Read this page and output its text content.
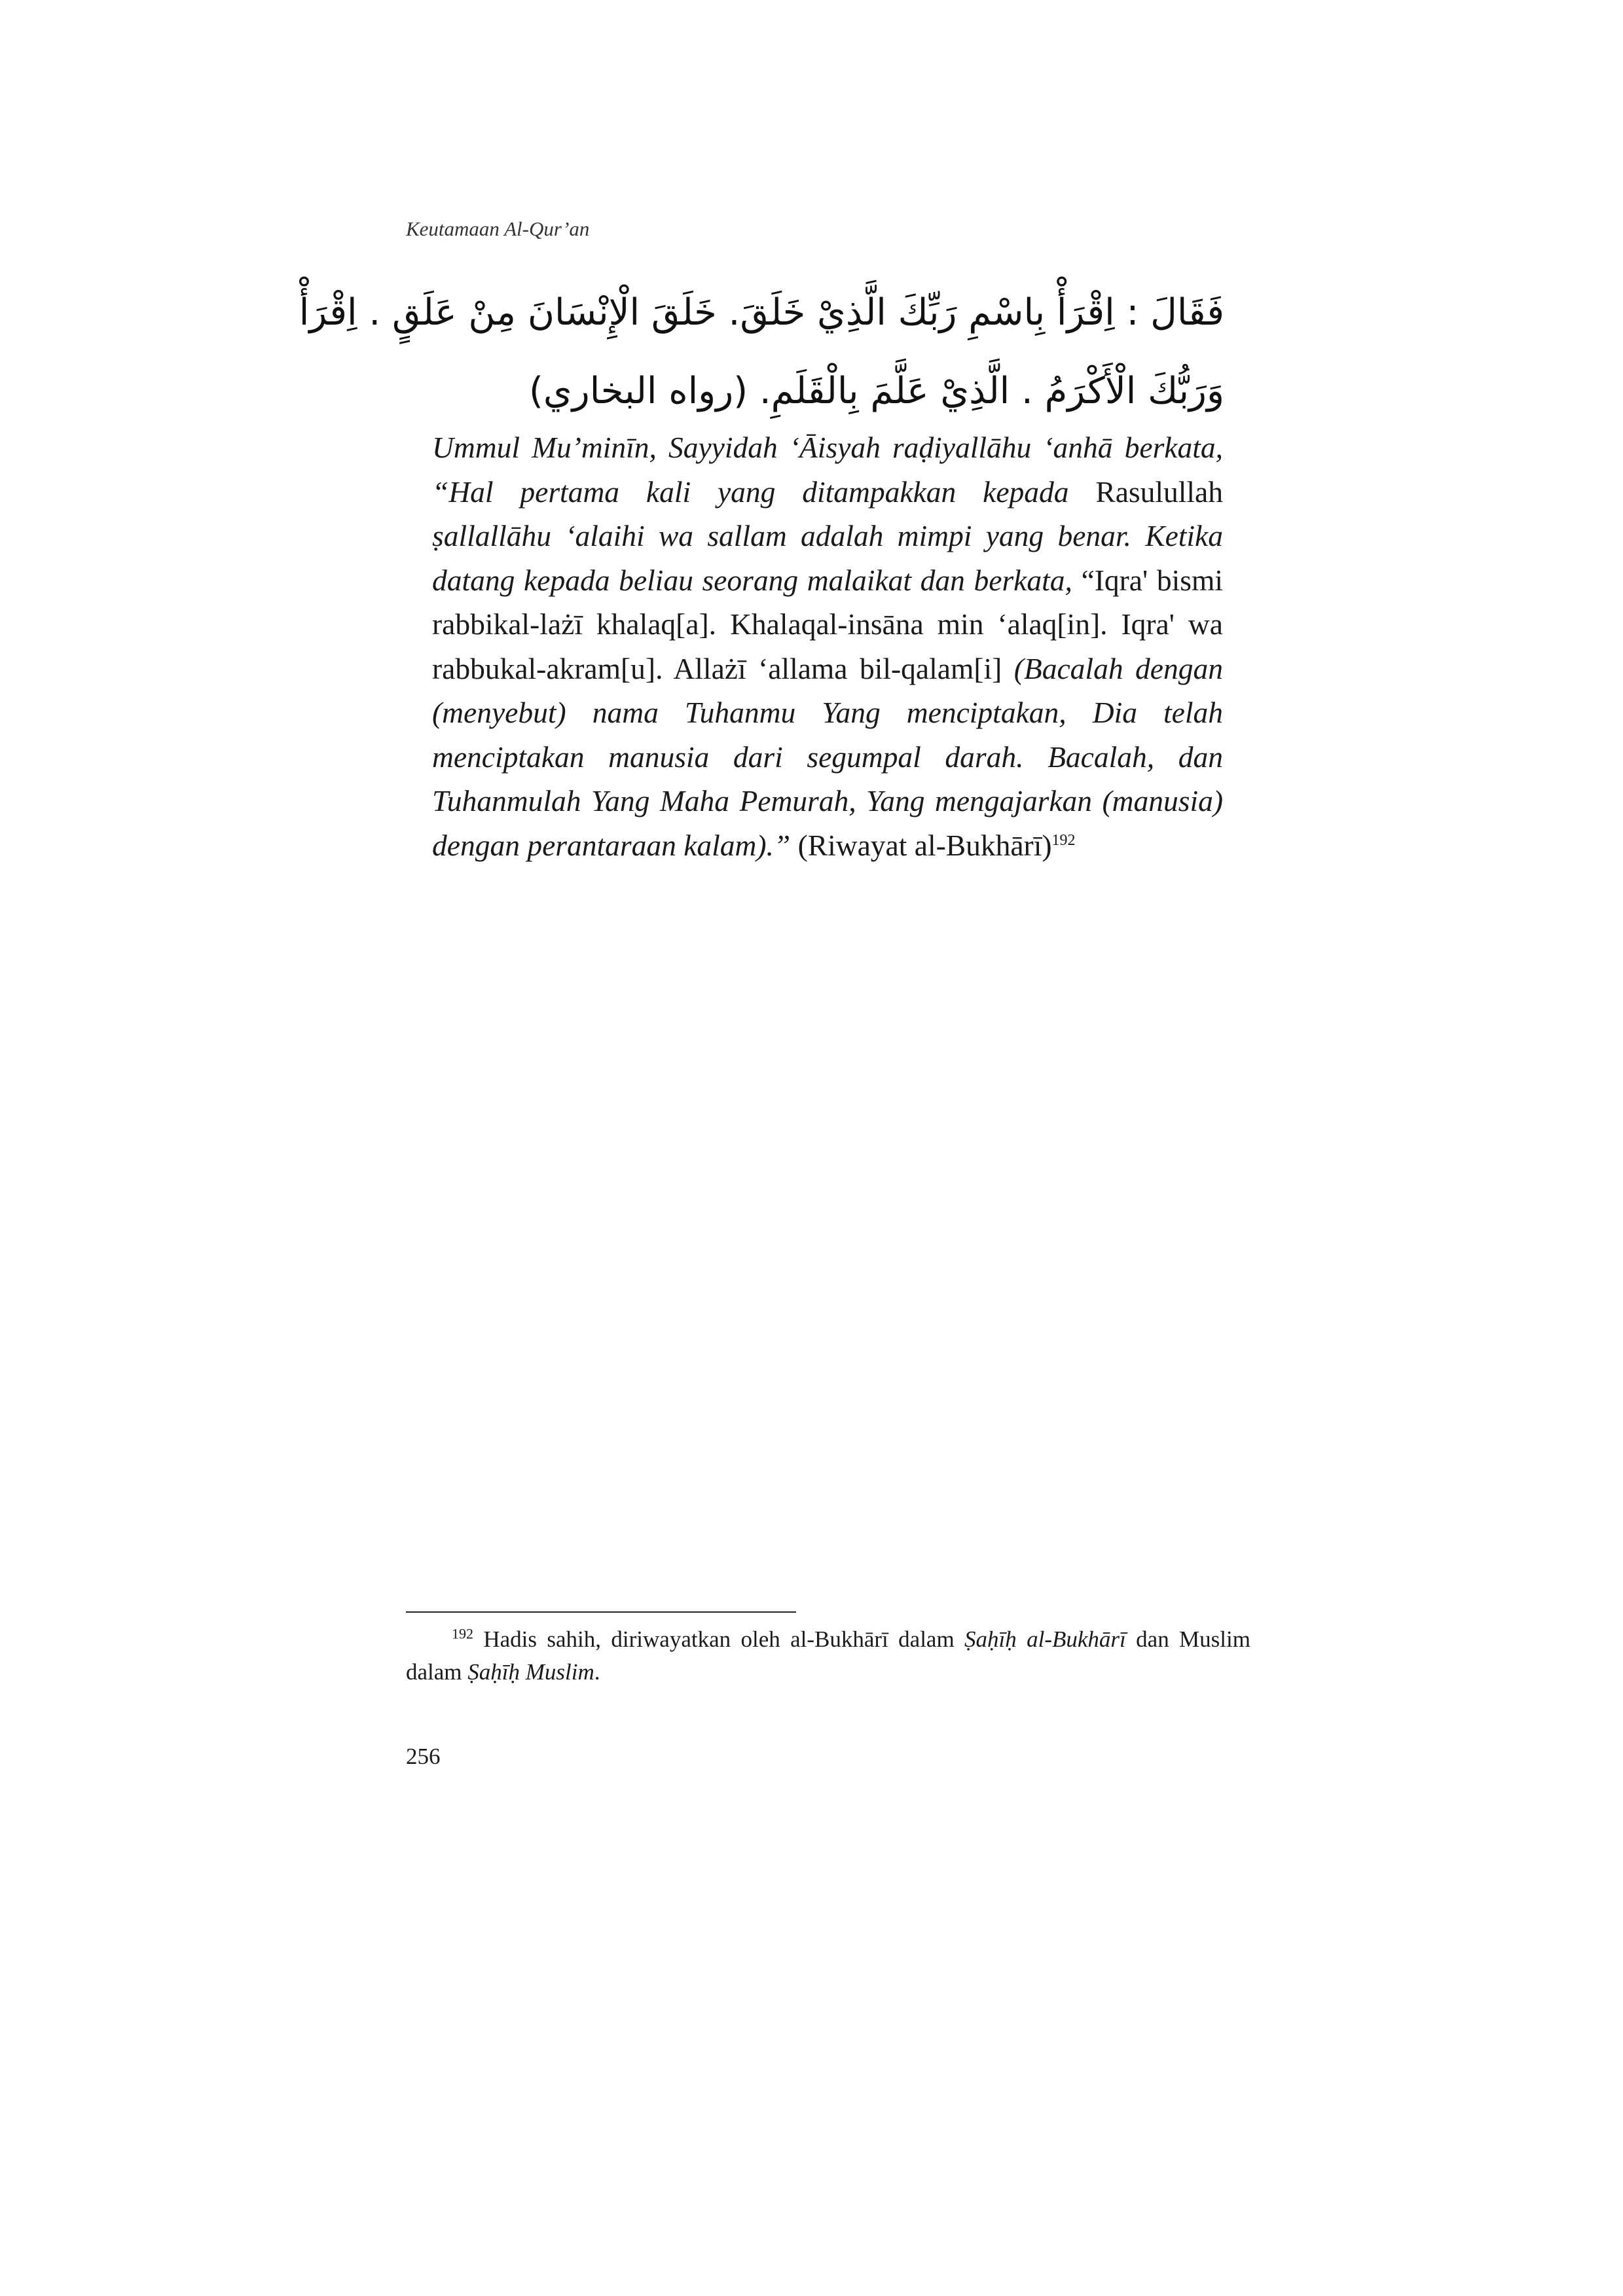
Keutamaan Al-Qur’an
فَقَالَ : اِقْرَأْ بِاسْمِ رَبِّكَ الَّذِيْ خَلَقَ. خَلَقَ الْإِنْسَانَ مِنْ عَلَقٍ . اِقْرَأْ
وَرَبُّكَ الْأَكْرَمُ . الَّذِيْ عَلَّمَ بِالْقَلَمِ. (رواه البخاري)

Ummul Mu’minīn, Sayyidah ‘Āisyah raḍiyallāhu ‘anhā berkata, “Hal pertama kali yang ditampakkan kepada Rasulullah ṣallallāhu ‘alaihi wa sallam adalah mimpi yang benar. Ketika datang kepada beliau seorang malaikat dan berkata, “Iqra' bismi rabbikal-lażī khalaq[a]. Khalaqal-insāna min ‘alaq[in]. Iqra' wa rabbukal-akram[u]. Allażī ‘allama bil-qalam[i] (Bacalah dengan (menyebut) nama Tuhanmu Yang menciptakan, Dia telah menciptakan manusia dari segumpal darah. Bacalah, dan Tuhanmulah Yang Maha Pemurah, Yang mengajarkan (manusia) dengan perantaraan kalam).” (Riwayat al-Bukhārī)$^{192}$

$^{192}$ Hadis sahih, diriwayatkan oleh al-Bukhārī dalam Ṣaḥīḥ al-Bukhārī dan Muslim dalam Ṣaḥīḥ Muslim.

256
